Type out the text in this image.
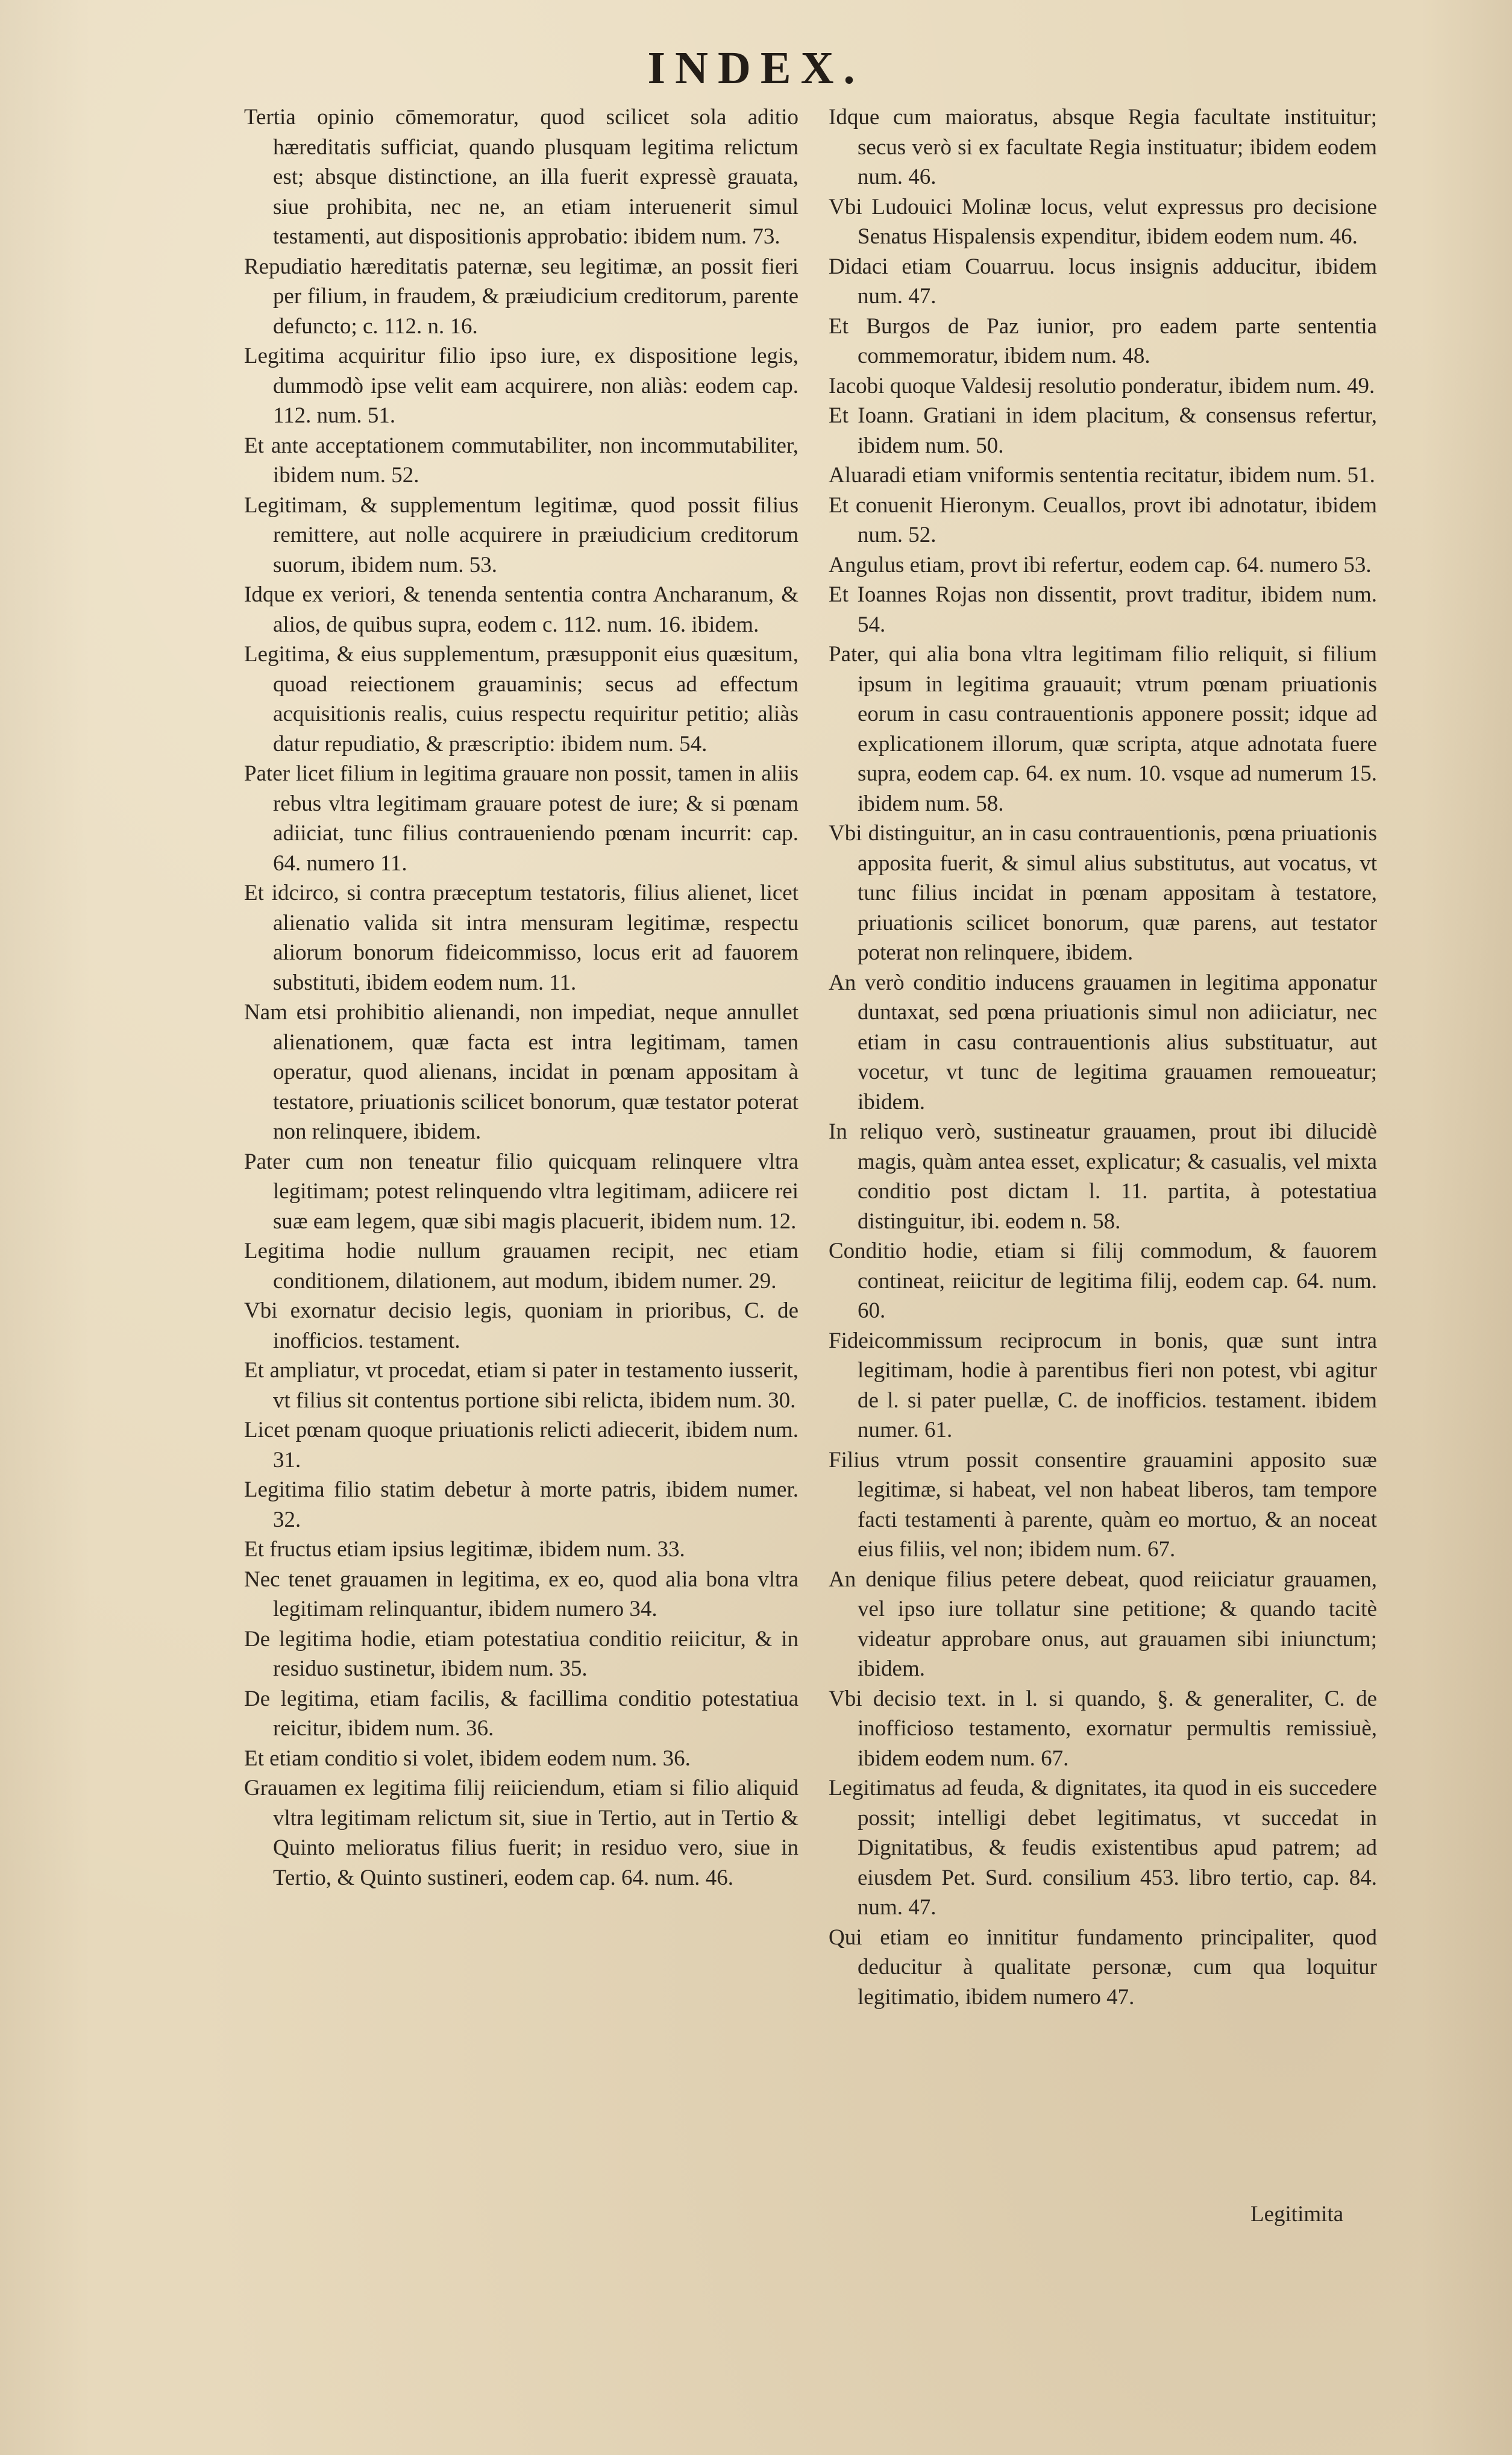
INDEX.

Tertia opinio cōmemoratur, quod scilicet sola aditio hæreditatis sufficiat, quando plusquam legitima relictum est; absque distinctione, an illa fuerit expressè grauata, siue prohibita, nec ne, an etiam interuenerit simul testamenti, aut dispositionis approbatio: ibidem num. 73.

Repudiatio hæreditatis paternæ, seu legitimæ, an possit fieri per filium, in fraudem, & præiudicium creditorum, parente defuncto; c. 112. n. 16.

Legitima acquiritur filio ipso iure, ex dispositione legis, dummodò ipse velit eam acquirere, non aliàs: eodem cap. 112. num. 51.

Et ante acceptationem commutabiliter, non incommutabiliter, ibidem num. 52.

Legitimam, & supplementum legitimæ, quod possit filius remittere, aut nolle acquirere in præiudicium creditorum suorum, ibidem num. 53.

Idque ex veriori, & tenenda sententia contra Ancharanum, & alios, de quibus supra, eodem c. 112. num. 16. ibidem.

Legitima, & eius supplementum, præsupponit eius quæsitum, quoad reiectionem grauaminis; secus ad effectum acquisitionis realis, cuius respectu requiritur petitio; aliàs datur repudiatio, & præscriptio: ibidem num. 54.

Pater licet filium in legitima grauare non possit, tamen in aliis rebus vltra legitimam grauare potest de iure; & si pœnam adiiciat, tunc filius contraueniendo pœnam incurrit: cap. 64. numero 11.

Et idcirco, si contra præceptum testatoris, filius alienet, licet alienatio valida sit intra mensuram legitimæ, respectu aliorum bonorum fideicommisso, locus erit ad fauorem substituti, ibidem eodem num. 11.

Nam etsi prohibitio alienandi, non impediat, neque annullet alienationem, quæ facta est intra legitimam, tamen operatur, quod alienans, incidat in pœnam appositam à testatore, priuationis scilicet bonorum, quæ testator poterat non relinquere, ibidem.

Pater cum non teneatur filio quicquam relinquere vltra legitimam; potest relinquendo vltra legitimam, adiicere rei suæ eam legem, quæ sibi magis placuerit, ibidem num. 12.

Legitima hodie nullum grauamen recipit, nec etiam conditionem, dilationem, aut modum, ibidem numer. 29.

Vbi exornatur decisio legis, quoniam in prioribus, C. de inofficios. testament.

Et ampliatur, vt procedat, etiam si pater in testamento iusserit, vt filius sit contentus portione sibi relicta, ibidem num. 30.

Licet pœnam quoque priuationis relicti adiecerit, ibidem num. 31.

Legitima filio statim debetur à morte patris, ibidem numer. 32.

Et fructus etiam ipsius legitimæ, ibidem num. 33.

Nec tenet grauamen in legitima, ex eo, quod alia bona vltra legitimam relinquantur, ibidem numero 34.

De legitima hodie, etiam potestatiua conditio reiicitur, & in residuo sustinetur, ibidem num. 35.

De legitima, etiam facilis, & facillima conditio potestatiua reicitur, ibidem num. 36.

Et etiam conditio si volet, ibidem eodem num. 36.

Grauamen ex legitima filij reiiciendum, etiam si filio aliquid vltra legitimam relictum sit, siue in Tertio, aut in Tertio & Quinto melioratus filius fuerit; in residuo vero, siue in Tertio, & Quinto sustineri, eodem cap. 64. num. 46.

Idque cum maioratus, absque Regia facultate instituitur; secus verò si ex facultate Regia instituatur; ibidem eodem num. 46.

Vbi Ludouici Molinæ locus, velut expressus pro decisione Senatus Hispalensis expenditur, ibidem eodem num. 46.

Didaci etiam Couarruu. locus insignis adducitur, ibidem num. 47.

Et Burgos de Paz iunior, pro eadem parte sententia commemoratur, ibidem num. 48.

Iacobi quoque Valdesij resolutio ponderatur, ibidem num. 49.

Et Ioann. Gratiani in idem placitum, & consensus refertur, ibidem num. 50.

Aluaradi etiam vniformis sententia recitatur, ibidem num. 51.

Et conuenit Hieronym. Ceuallos, provt ibi adnotatur, ibidem num. 52.

Angulus etiam, provt ibi refertur, eodem cap. 64. numero 53.

Et Ioannes Rojas non dissentit, provt traditur, ibidem num. 54.

Pater, qui alia bona vltra legitimam filio reliquit, si filium ipsum in legitima grauauit; vtrum pœnam priuationis eorum in casu contrauentionis apponere possit; idque ad explicationem illorum, quæ scripta, atque adnotata fuere supra, eodem cap. 64. ex num. 10. vsque ad numerum 15. ibidem num. 58.

Vbi distinguitur, an in casu contrauentionis, pœna priuationis apposita fuerit, & simul alius substitutus, aut vocatus, vt tunc filius incidat in pœnam appositam à testatore, priuationis scilicet bonorum, quæ parens, aut testator poterat non relinquere, ibidem.

An verò conditio inducens grauamen in legitima apponatur duntaxat, sed pœna priuationis simul non adiiciatur, nec etiam in casu contrauentionis alius substituatur, aut vocetur, vt tunc de legitima grauamen remoueatur; ibidem.

In reliquo verò, sustineatur grauamen, prout ibi dilucidè magis, quàm antea esset, explicatur; & casualis, vel mixta conditio post dictam l. 11. partita, à potestatiua distinguitur, ibi. eodem n. 58.

Conditio hodie, etiam si filij commodum, & fauorem contineat, reiicitur de legitima filij, eodem cap. 64. num. 60.

Fideicommissum reciprocum in bonis, quæ sunt intra legitimam, hodie à parentibus fieri non potest, vbi agitur de l. si pater puellæ, C. de inofficios. testament. ibidem numer. 61.

Filius vtrum possit consentire grauamini apposito suæ legitimæ, si habeat, vel non habeat liberos, tam tempore facti testamenti à parente, quàm eo mortuo, & an noceat eius filiis, vel non; ibidem num. 67.

An denique filius petere debeat, quod reiiciatur grauamen, vel ipso iure tollatur sine petitione; & quando tacitè videatur approbare onus, aut grauamen sibi iniunctum; ibidem.

Vbi decisio text. in l. si quando, §. & generaliter, C. de inofficioso testamento, exornatur permultis remissiuè, ibidem eodem num. 67.

Legitimatus ad feuda, & dignitates, ita quod in eis succedere possit; intelligi debet legitimatus, vt succedat in Dignitatibus, & feudis existentibus apud patrem; ad eiusdem Pet. Surd. consilium 453. libro tertio, cap. 84. num. 47.

Qui etiam eo innititur fundamento principaliter, quod deducitur à qualitate personæ, cum qua loquitur legitimatio, ibidem numero 47.

Legitimita
